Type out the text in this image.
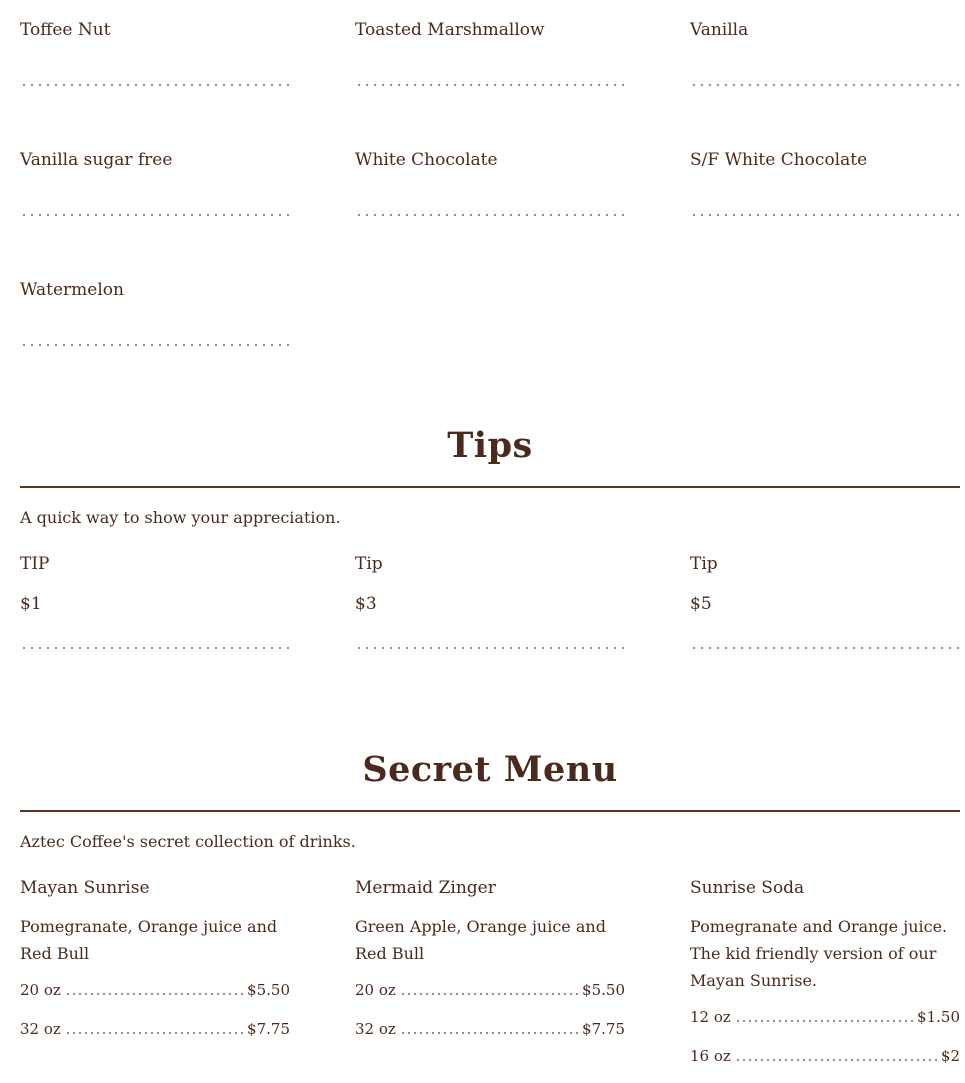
Toffee Nut	Toasted Marshmallow	Vanilla
Vanilla sugar free	White Chocolate	S/F White Chocolate
Watermelon
Tips
A quick way to show your appreciation.
TIP
$1
Tip
$3
Tip
$5
Secret Menu
Aztec Coffee's secret collection of drinks.
Mayan Sunrise
Pomegranate, Orange juice and Red Bull
20 oz	$5.50
32 oz	$7.75
Mermaid Zinger
Green Apple, Orange juice and Red Bull
20 oz	$5.50
32 oz	$7.75
Sunrise Soda
Pomegranate and Orange juice. The kid friendly version of our Mayan Sunrise.
12 oz	$1.50
16 oz	$2
